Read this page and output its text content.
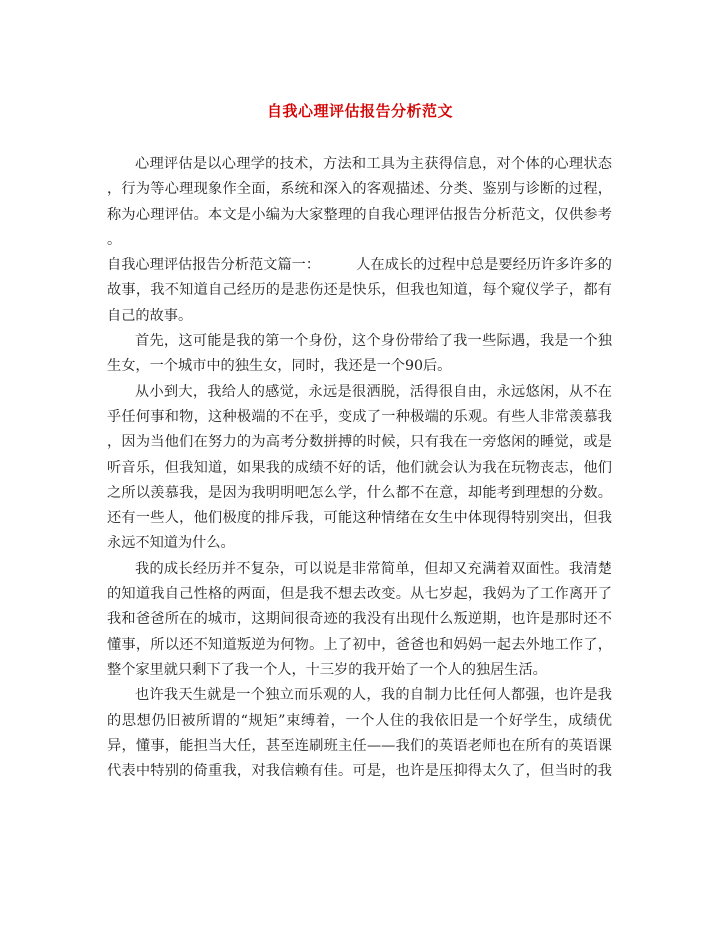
自我心理评估报告分析范文
心理评估是以心理学的技术，方法和工具为主获得信息，对个体的心理状态
，行为等心理现象作全面，系统和深入的客观描述、分类、鉴别与诊断的过程，
称为心理评估。本文是小编为大家整理的自我心理评估报告分析范文，仅供参考
。
自我心理评估报告分析范文篇一：        人在成长的过程中总是要经历许多许多的
故事，我不知道自己经历的是悲伤还是快乐，但我也知道，每个窥仪学子，都有
自己的故事。
首先，这可能是我的第一个身份，这个身份带给了我一些际遇，我是一个独
生女，一个城市中的独生女，同时，我还是一个90后。
从小到大，我给人的感觉，永远是很洒脱，活得很自由，永远悠闲，从不在
乎任何事和物，这种极端的不在乎，变成了一种极端的乐观。有些人非常羡慕我
，因为当他们在努力的为高考分数拼搏的时候，只有我在一旁悠闲的睡觉，或是
听音乐，但我知道，如果我的成绩不好的话，他们就会认为我在玩物丧志，他们
之所以羡慕我，是因为我明明吧怎么学，什么都不在意，却能考到理想的分数。
还有一些人，他们极度的排斥我，可能这种情绪在女生中体现得特别突出，但我
永远不知道为什么。
我的成长经历并不复杂，可以说是非常简单，但却又充满着双面性。我清楚
的知道我自己性格的两面，但是我不想去改变。从七岁起，我妈为了工作离开了
我和爸爸所在的城市，这期间很奇迹的我没有出现什么叛逆期，也许是那时还不
懂事，所以还不知道叛逆为何物。上了初中，爸爸也和妈妈一起去外地工作了，
整个家里就只剩下了我一个人，十三岁的我开始了一个人的独居生活。
也许我天生就是一个独立而乐观的人，我的自制力比任何人都强，也许是我
的思想仍旧被所谓的“规矩”束缚着，一个人住的我依旧是一个好学生，成绩优
异，懂事，能担当大任，甚至连刷班主任——我们的英语老师也在所有的英语课
代表中特别的倚重我，对我信赖有佳。可是，也许是压抑得太久了，但当时的我
